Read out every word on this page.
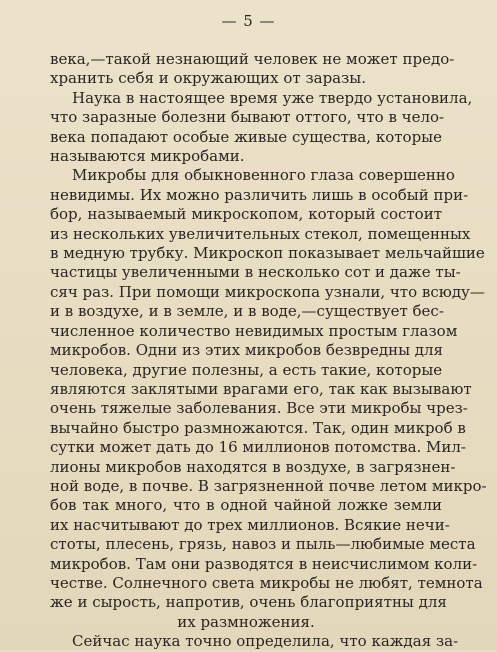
— 5 —
века,—такой незнающий человек не может предо-
хранить себя и окружающих от заразы.
Наука в настоящее время уже твердо установила,
что заразные болезни бывают оттого, что в чело-
века попадают особые живые существа, которые
называются микробами.
Микробы для обыкновенного глаза совершенно
невидимы. Их можно различить лишь в особый при-
бор, называемый микроскопом, который состоит
из нескольких увеличительных стекол, помещенных
в медную трубку. Микроскоп показывает мельчайшие
частицы увеличенными в несколько сот и даже ты-
сяч раз. При помощи микроскопа узнали, что всюду—
и в воздухе, и в земле, и в воде,—существует бес-
численное количество невидимых простым глазом
микробов. Одни из этих микробов безвредны для
человека, другие полезны, а есть такие, которые
являются заклятыми врагами его, так как вызывают
очень тяжелые заболевания. Все эти микробы чрез-
вычайно быстро размножаются. Так, один микроб в
сутки может дать до 16 миллионов потомства. Мил-
лионы микробов находятся в воздухе, в загрязнен-
ной воде, в почве. В загрязненной почве летом микро-
бов так много, что в одной чайной ложке земли
их насчитывают до трех миллионов. Всякие нечи-
стоты, плесень, грязь, навоз и пыль—любимые места
микробов. Там они разводятся в неисчислимом коли-
честве. Солнечного света микробы не любят, темнота
же и сырость, напротив, очень благоприятны для
их размножения.
Сейчас наука точно определила, что каждая за-
